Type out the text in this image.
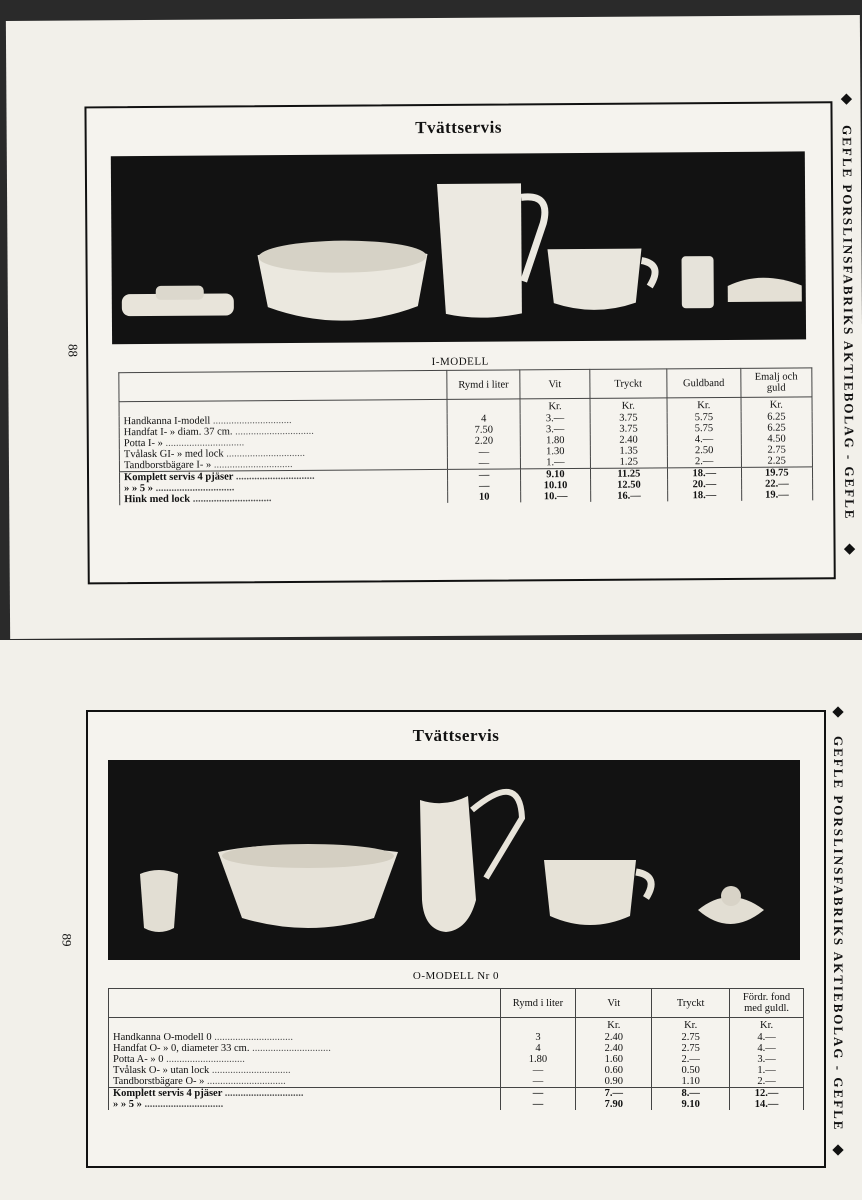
88	GEFLE PORSLINSFABRIKS AKTIEBOLAG - GEFLE
Tvättservis
I-MODELL
	Rymd i liter	Vit	Tryckt	Guldband	Emalj och guld
		Kr.	Kr.	Kr.	Kr.
Handkanna I-modell ..............................	4	3.—	3.75	5.75	6.25
Handfat I- » diam. 37 cm. ..............................	7.50	3.—	3.75	5.75	6.25
Potta I- » ..............................	2.20	1.80	2.40	4.—	4.50
Tvålask GI- » med lock ..............................	—	1.30	1.35	2.50	2.75
Tandborstbägare I- » ..............................	—	1.—	1.25	2.—	2.25
Komplett servis 4 pjäser ..............................	—	9.10	11.25	18.—	19.75
» » 5 » ..............................	—	10.10	12.50	20.—	22.—
Hink med lock ..............................	10	10.—	16.—	18.—	19.—
89	GEFLE PORSLINSFABRIKS AKTIEBOLAG - GEFLE
Tvättservis
O-MODELL Nr 0
	Rymd i liter	Vit	Tryckt	Fördr. fond med guldl.
		Kr.	Kr.	Kr.
Handkanna O-modell 0 ..............................	3	2.40	2.75	4.—
Handfat O- » 0, diameter 33 cm. ..............................	4	2.40	2.75	4.—
Potta A- » 0 ..............................	1.80	1.60	2.—	3.—
Tvålask O- » utan lock ..............................	—	0.60	0.50	1.—
Tandborstbägare O- » ..............................	—	0.90	1.10	2.—
Komplett servis 4 pjäser ..............................	—	7.—	8.—	12.—
» » 5 » ..............................	—	7.90	9.10	14.—
